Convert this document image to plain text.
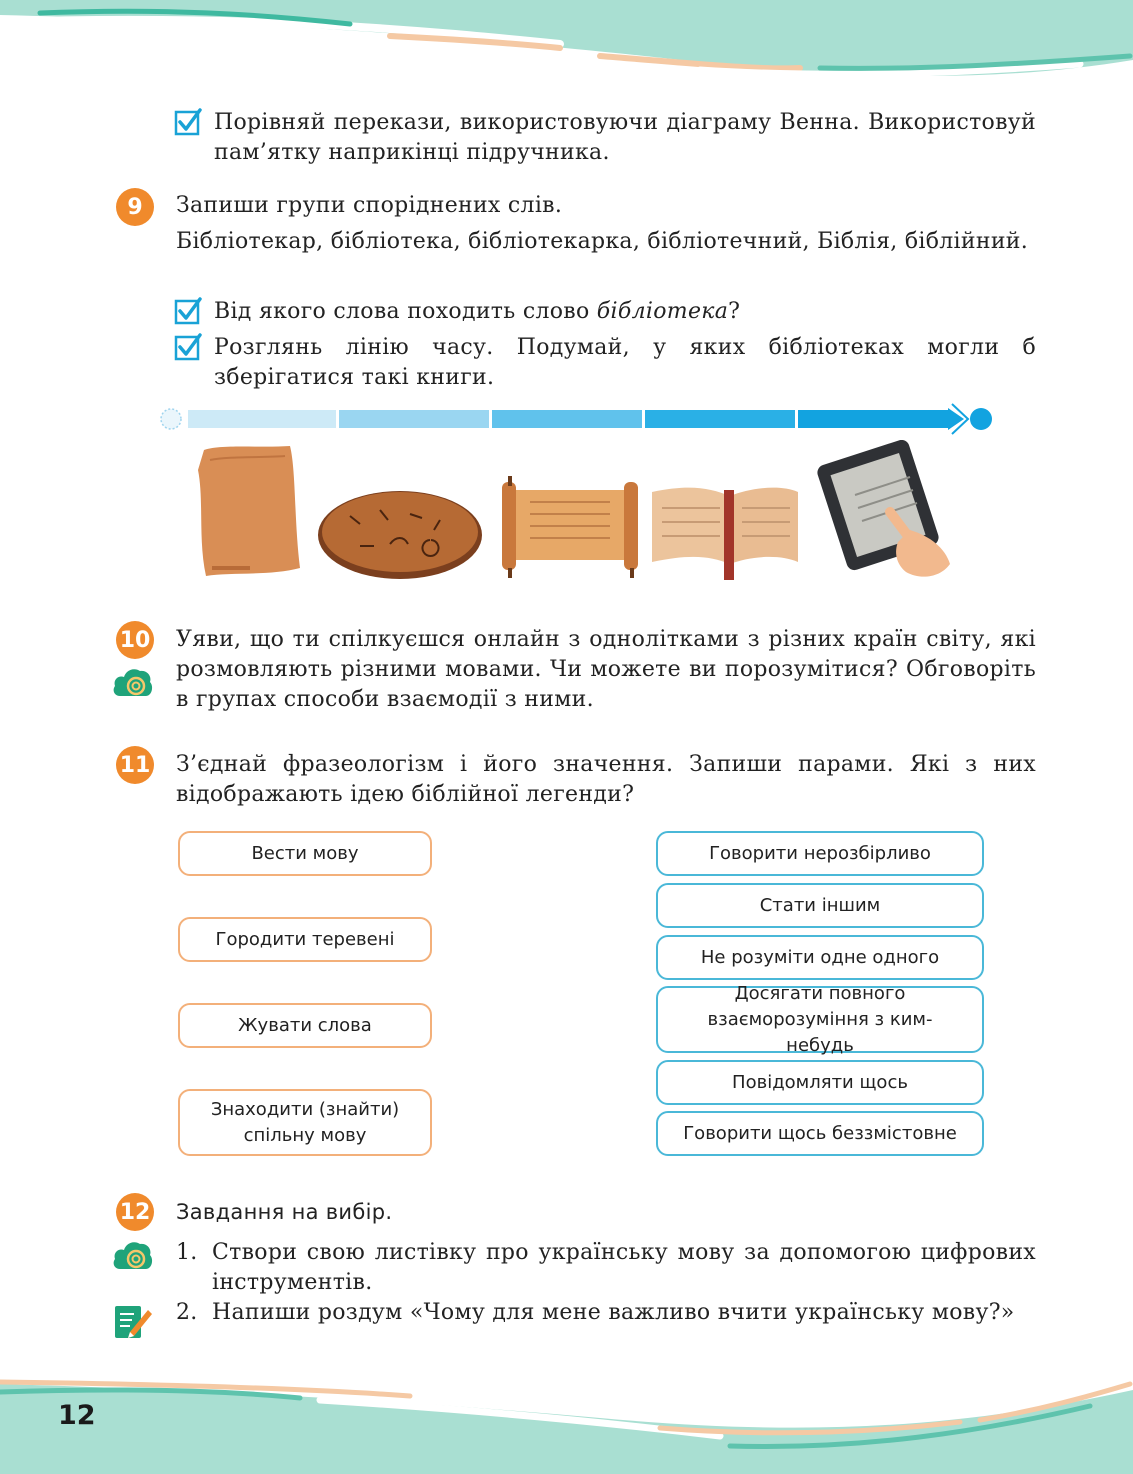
Порівняй перекази, використовуючи діаграму Венна. Використовуй пам’ятку наприкінці підручника.

9	Запиши групи споріднених слів.

Бібліотекар, бібліотека, бібліотекарка, бібліотечний, Біблія, біблійний.

Від якого слова походить слово бібліотека?

Розглянь лінію часу. Подумай, у яких бібліотеках могли б зберігатися такі книги.

10 Уяви, що ти спілкуєшся онлайн з однолітками з різних країн світу, які розмовляють різними мовами. Чи можете ви порозумітися? Обговоріть в групах способи взаємодії з ними.

11 З’єднай фразеологізм і його значення. Запиши парами. Які з них відображають ідею біблійної легенди?

Вести мову
Городити теревені
Жувати слова
Знаходити (знайти) спільну мову
Говорити нерозбірливо
Стати іншим
Не розуміти одне одного
Досягати повного взаєморозуміння з ким-небудь
Повідомляти щось
Говорити щось беззмістовне
12 Завдання на вибір.

1. Створи свою листівку про українську мову за допомогою цифрових інструментів.

2. Напиши роздум «Чому для мене важливо вчити українську мову?»

12
